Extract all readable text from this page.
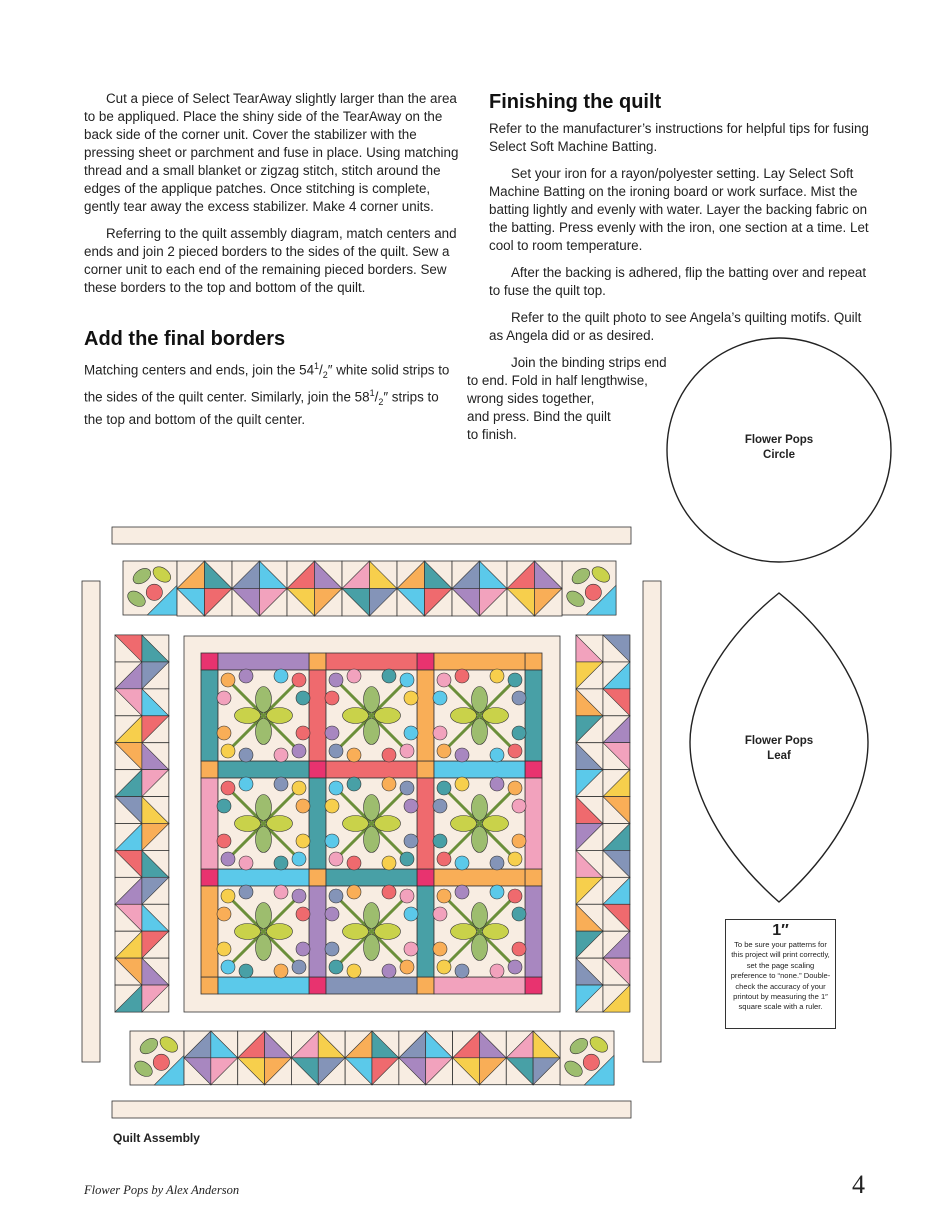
Cut a piece of Select TearAway slightly larger than the area to be appliqued. Place the shiny side of the TearAway on the back side of the corner unit. Cover the stabilizer with the pressing sheet or parchment and fuse in place. Using matching thread and a small blanket or zigzag stitch, stitch around the edges of the applique patches. Once stitching is complete, gently tear away the excess stabilizer. Make 4 corner units.

Referring to the quilt assembly diagram, match centers and ends and join 2 pieced borders to the sides of the quilt. Sew a corner unit to each end of the remaining pieced borders. Sew these borders to the top and bottom of the quilt.

Add the final borders

Matching centers and ends, join the $54^1/_2''$ white solid strips to the sides of the quilt center. Similarly, join the $58^1/_2''$ strips to the top and bottom of the quilt center.

Finishing the quilt

Refer to the manufacturer’s instructions for helpful tips for fusing Select Soft Machine Batting.

Set your iron for a rayon/polyester setting. Lay Select Soft Machine Batting on the ironing board or work surface. Mist the batting lightly and evenly with water. Layer the backing fabric on the batting. Press evenly with the iron, one section at a time. Let cool to room temperature.

After the backing is adhered, flip the batting over and repeat to fuse the quilt top.

Refer to the quilt photo to see Angela’s quilting motifs. Quilt as Angela did or as desired.

Join the binding strips end
to end. Fold in half lengthwise,
wrong sides together,
and press. Bind the quilt
to finish.	Flower Pops
Circle
Flower Pops
Leaf
1″
To be sure your patterns for this project will print correctly, set the page scaling preference to “none.” Double-check the accuracy of your printout by measuring the 1″ square scale with a ruler.
Quilt Assembly
Flower Pops by Alex Anderson	4
